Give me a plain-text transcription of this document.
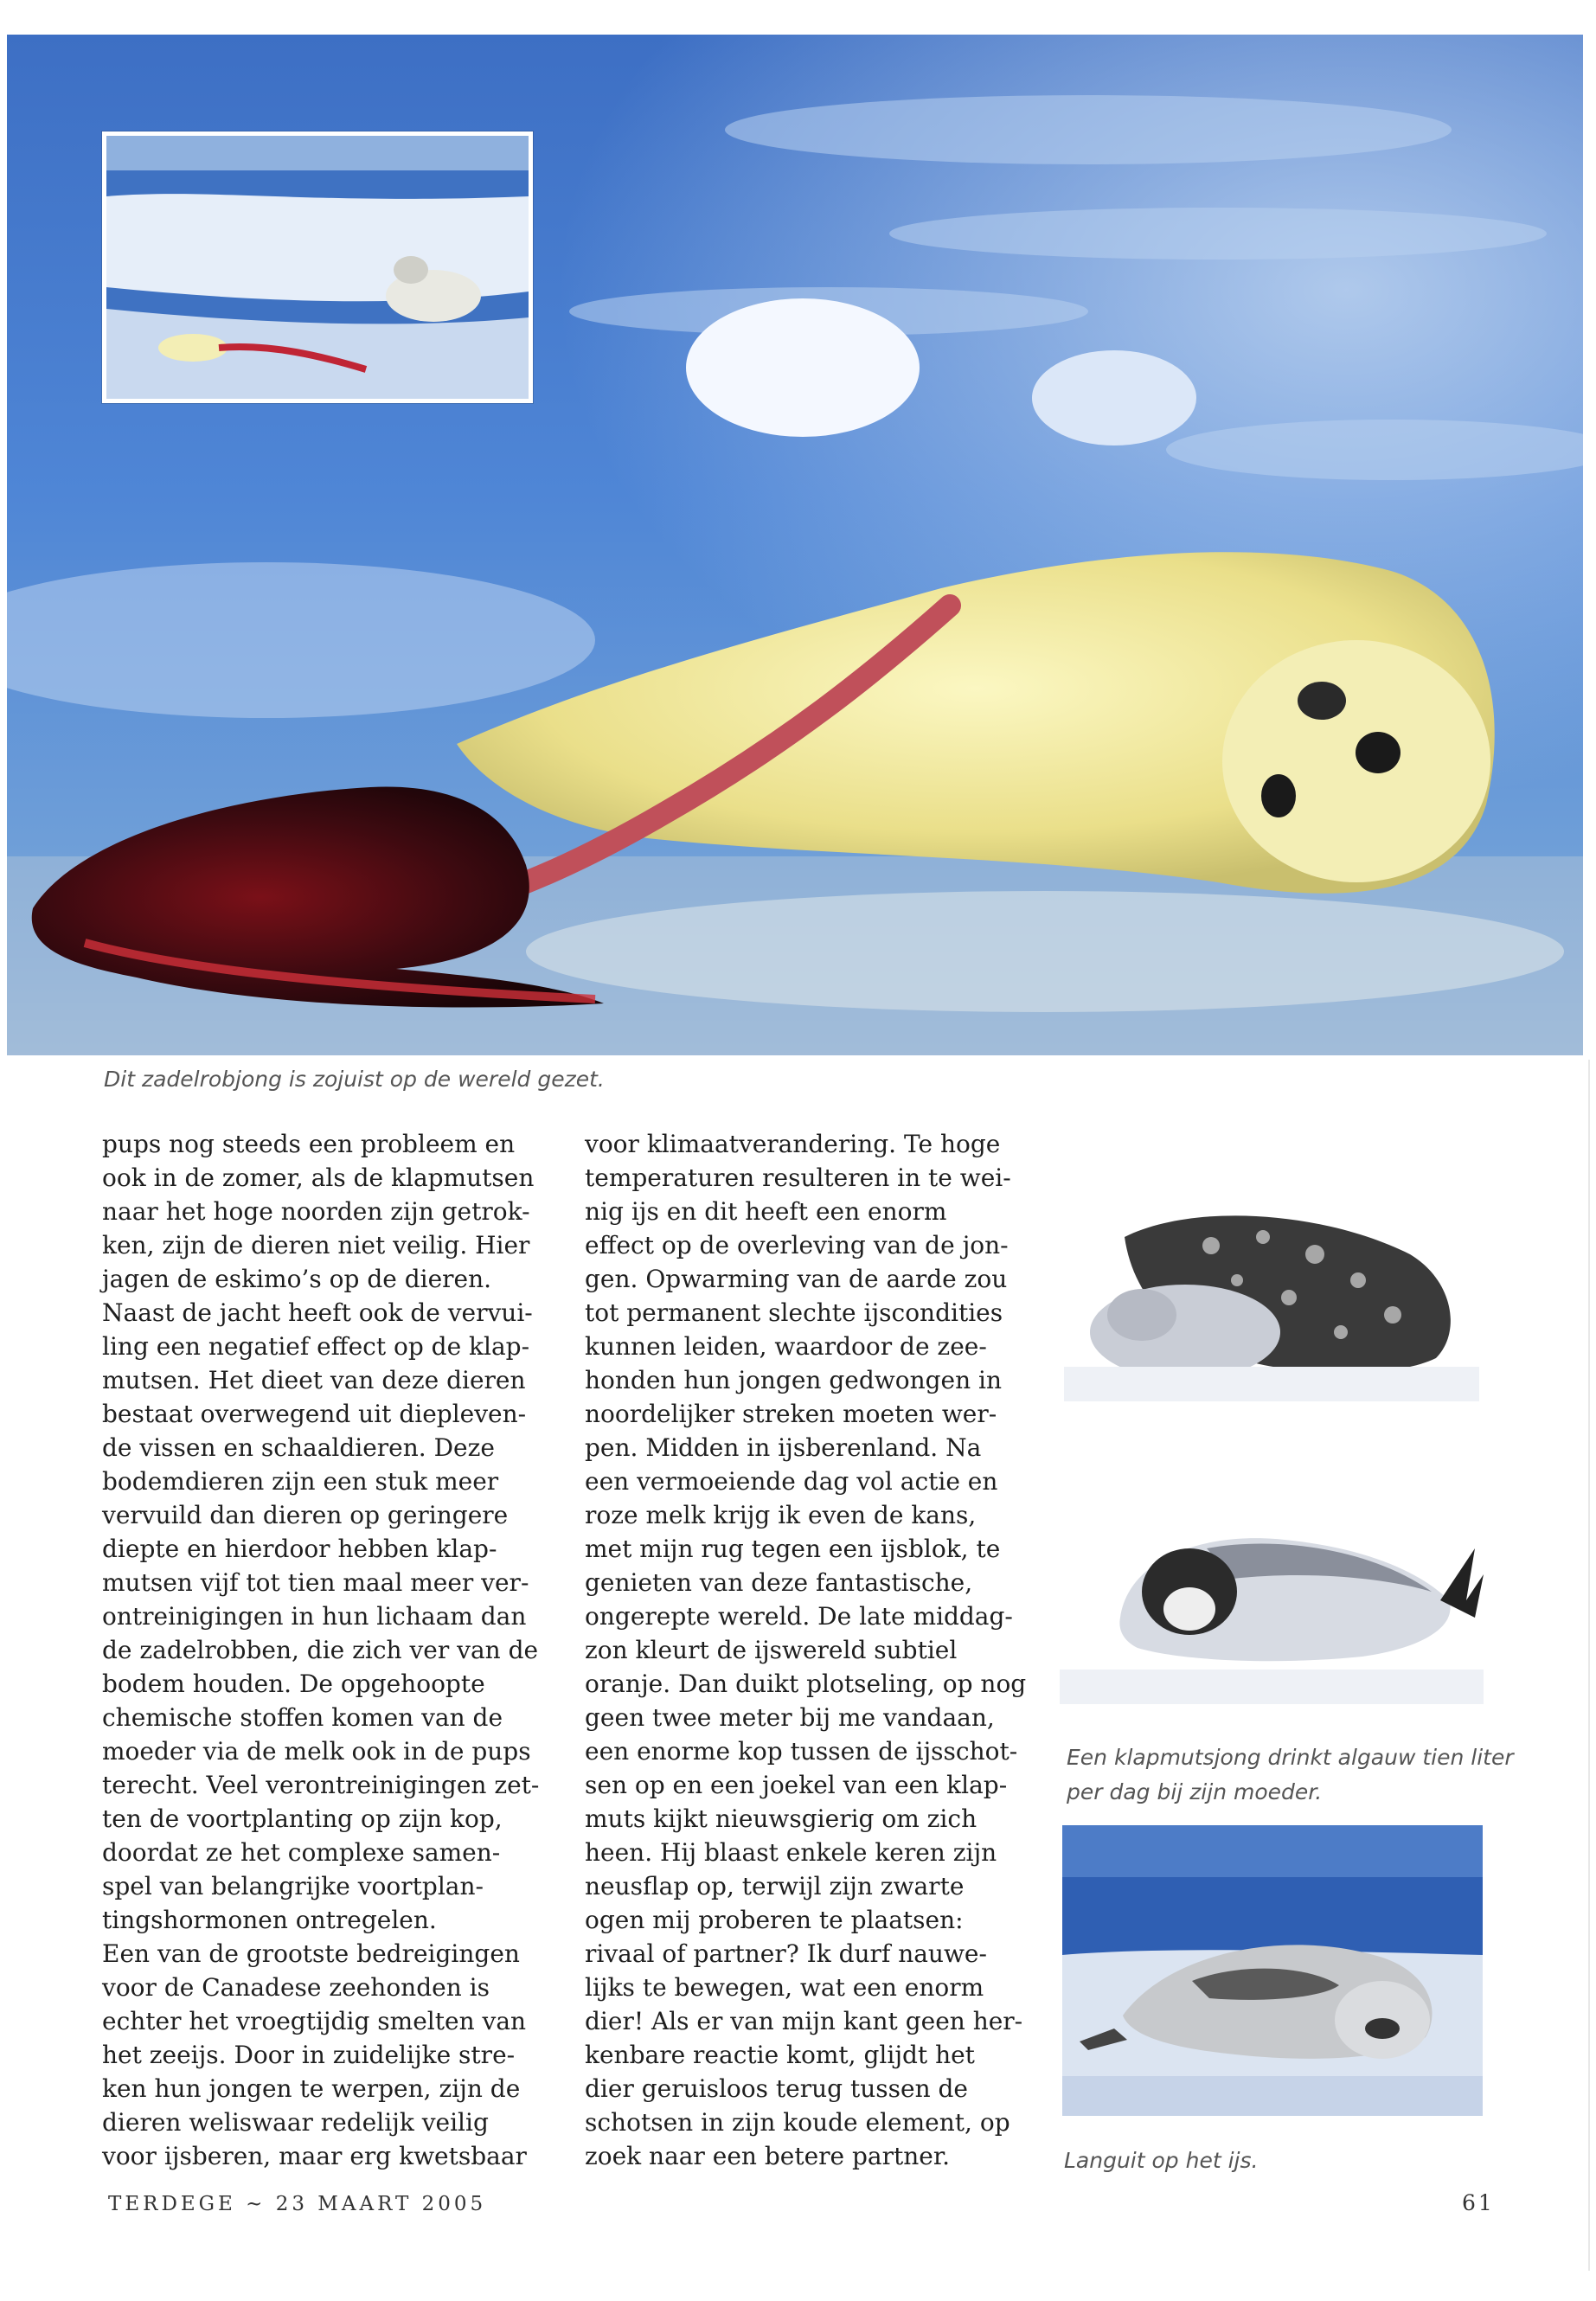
Dit zadelrobjong is zojuist op de wereld gezet.

pups nog steeds een probleem en

ook in de zomer, als de klapmutsen

naar het hoge noorden zijn getrok-

ken, zijn de dieren niet veilig. Hier

jagen de eskimo’s op de dieren.

Naast de jacht heeft ook de vervui-

ling een negatief effect op de klap-

mutsen. Het dieet van deze dieren

bestaat overwegend uit diepleven-

de vissen en schaaldieren. Deze

bodemdieren zijn een stuk meer

vervuild dan dieren op geringere

diepte en hierdoor hebben klap-

mutsen vijf tot tien maal meer ver-

ontreinigingen in hun lichaam dan

de zadelrobben, die zich ver van de

bodem houden. De opgehoopte

chemische stoffen komen van de

moeder via de melk ook in de pups

terecht. Veel verontreinigingen zet-

ten de voortplanting op zijn kop,

doordat ze het complexe samen-

spel van belangrijke voortplan-

tingshormonen ontregelen.

Een van de grootste bedreigingen

voor de Canadese zeehonden is

echter het vroegtijdig smelten van

het zeeijs. Door in zuidelijke stre-

ken hun jongen te werpen, zijn de

dieren weliswaar redelijk veilig

voor ijsberen, maar erg kwetsbaar

voor klimaatverandering. Te hoge

temperaturen resulteren in te wei-

nig ijs en dit heeft een enorm

effect op de overleving van de jon-

gen. Opwarming van de aarde zou

tot permanent slechte ijscondities

kunnen leiden, waardoor de zee-

honden hun jongen gedwongen in

noordelijker streken moeten wer-

pen. Midden in ijsberenland. Na

een vermoeiende dag vol actie en

roze melk krijg ik even de kans,

met mijn rug tegen een ijsblok, te

genieten van deze fantastische,

ongerepte wereld. De late middag-

zon kleurt de ijswereld subtiel

oranje. Dan duikt plotseling, op nog

geen twee meter bij me vandaan,

een enorme kop tussen de ijsschot-

sen op en een joekel van een klap-

muts kijkt nieuwsgierig om zich

heen. Hij blaast enkele keren zijn

neusflap op, terwijl zijn zwarte

ogen mij proberen te plaatsen:

rivaal of partner? Ik durf nauwe-

lijks te bewegen, wat een enorm

dier! Als er van mijn kant geen her-

kenbare reactie komt, glijdt het

dier geruisloos terug tussen de

schotsen in zijn koude element, op

zoek naar een betere partner.

Een klapmutsjong drinkt algauw tien liter per dag bij zijn moeder.

Languit op het ijs.

TERDEGE ~ 23 MAART 2005	61
